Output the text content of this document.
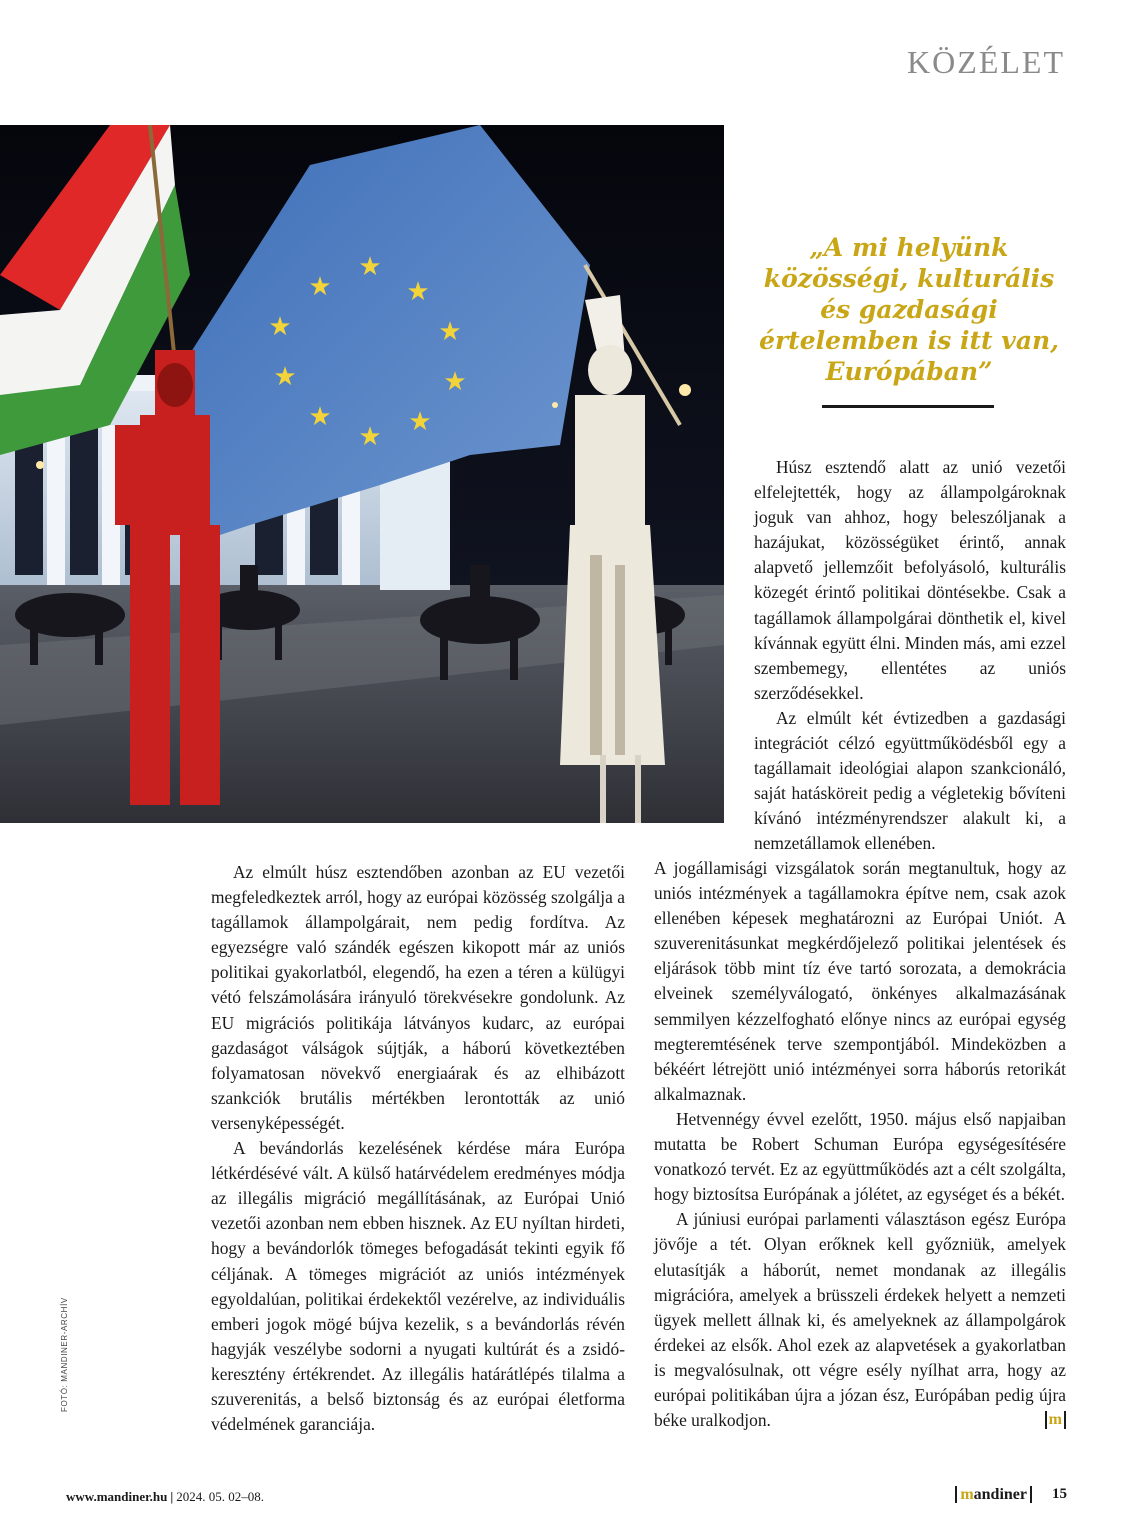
KÖZÉLET
★
★
★
★
★
★
★
★
★
★
„A mi helyünk közösségi, kulturális és gazdasági értelemben is itt van, Európában”

Húsz esztendő alatt az unió vezetői elfelejtették, hogy az állampolgároknak joguk van ahhoz, hogy beleszóljanak a hazájukat, közösségüket érintő, annak alapvető jellemzőit befolyásoló, kulturális közegét érintő politikai döntésekbe. Csak a tagállamok állampolgárai dönthetik el, kivel kívánnak együtt élni. Minden más, ami ezzel szembemegy, ellentétes az uniós szerződésekkel.

Az elmúlt két évtizedben a gazdasági integrációt célzó együttműködésből egy a tagállamait ideológiai alapon szankcionáló, saját hatásköreit pedig a végletekig bővíteni kívánó intézményrendszer alakult ki, a nemzetállamok ellenében.

A jogállamisági vizsgálatok során megtanultuk, hogy az uniós intézmények a tagállamokra építve nem, csak azok ellenében képesek meghatározni az Európai Uniót. A szuverenitásunkat megkérdőjelező politikai jelentések és eljárások több mint tíz éve tartó sorozata, a demokrácia elveinek személyválogató, önkényes alkalmazásának semmilyen kézzelfogható előnye nincs az európai egység megteremtésének terve szempontjából. Mindeközben a békéért létrejött unió intézményei sorra háborús retorikát alkalmaznak.

Hetvennégy évvel ezelőtt, 1950. május első napjaiban mutatta be Robert Schuman Európa egységesítésére vonatkozó tervét. Ez az együttműködés azt a célt szolgálta, hogy biztosítsa Európának a jólétet, az egységet és a békét.

A júniusi európai parlamenti választáson egész Európa jövője a tét. Olyan erőknek kell győzniük, amelyek elutasítják a háborút, nemet mondanak az illegális migrációra, amelyek a brüsszeli érdekek helyett a nemzeti ügyek mellett állnak ki, és amelyeknek az állampolgárok érdekei az elsők. Ahol ezek az alapvetések a gyakorlatban is megvalósulnak, ott végre esély nyílhat arra, hogy az európai politikában újra a józan ész, Európában pedig újra béke uralkodjon.	m

Az elmúlt húsz esztendőben azonban az EU vezetői megfeledkeztek arról, hogy az európai közösség szolgálja a tagállamok állampolgárait, nem pedig fordítva. Az egyezségre való szándék egészen kikopott már az uniós politikai gyakorlatból, elegendő, ha ezen a téren a külügyi vétó felszámolására irányuló törekvésekre gondolunk. Az EU migrációs politikája látványos kudarc, az európai gazdaságot válságok sújtják, a háború következtében folyamatosan növekvő energiaárak és az elhibázott szankciók brutális mértékben lerontották az unió versenyképességét.

A bevándorlás kezelésének kérdése mára Európa létkérdésévé vált. A külső határvédelem eredményes módja az illegális migráció megállításának, az Európai Unió vezetői azonban nem ebben hisznek. Az EU nyíltan hirdeti, hogy a bevándorlók tömeges befogadását tekinti egyik fő céljának. A tömeges migrációt az uniós intézmények egyoldalúan, politikai érdekektől vezérelve, az individuális emberi jogok mögé bújva kezelik, s a bevándorlás révén hagyják veszélybe sodorni a nyugati kultúrát és a zsidó-keresztény értékrendet. Az illegális határátlépés tilalma a szuverenitás, a belső biztonság és az európai életforma védelmének garanciája.

FOTÓ: MANDINER-ARCHÍV
www.mandiner.hu | 2024. 05. 02–08.	mandiner	15
